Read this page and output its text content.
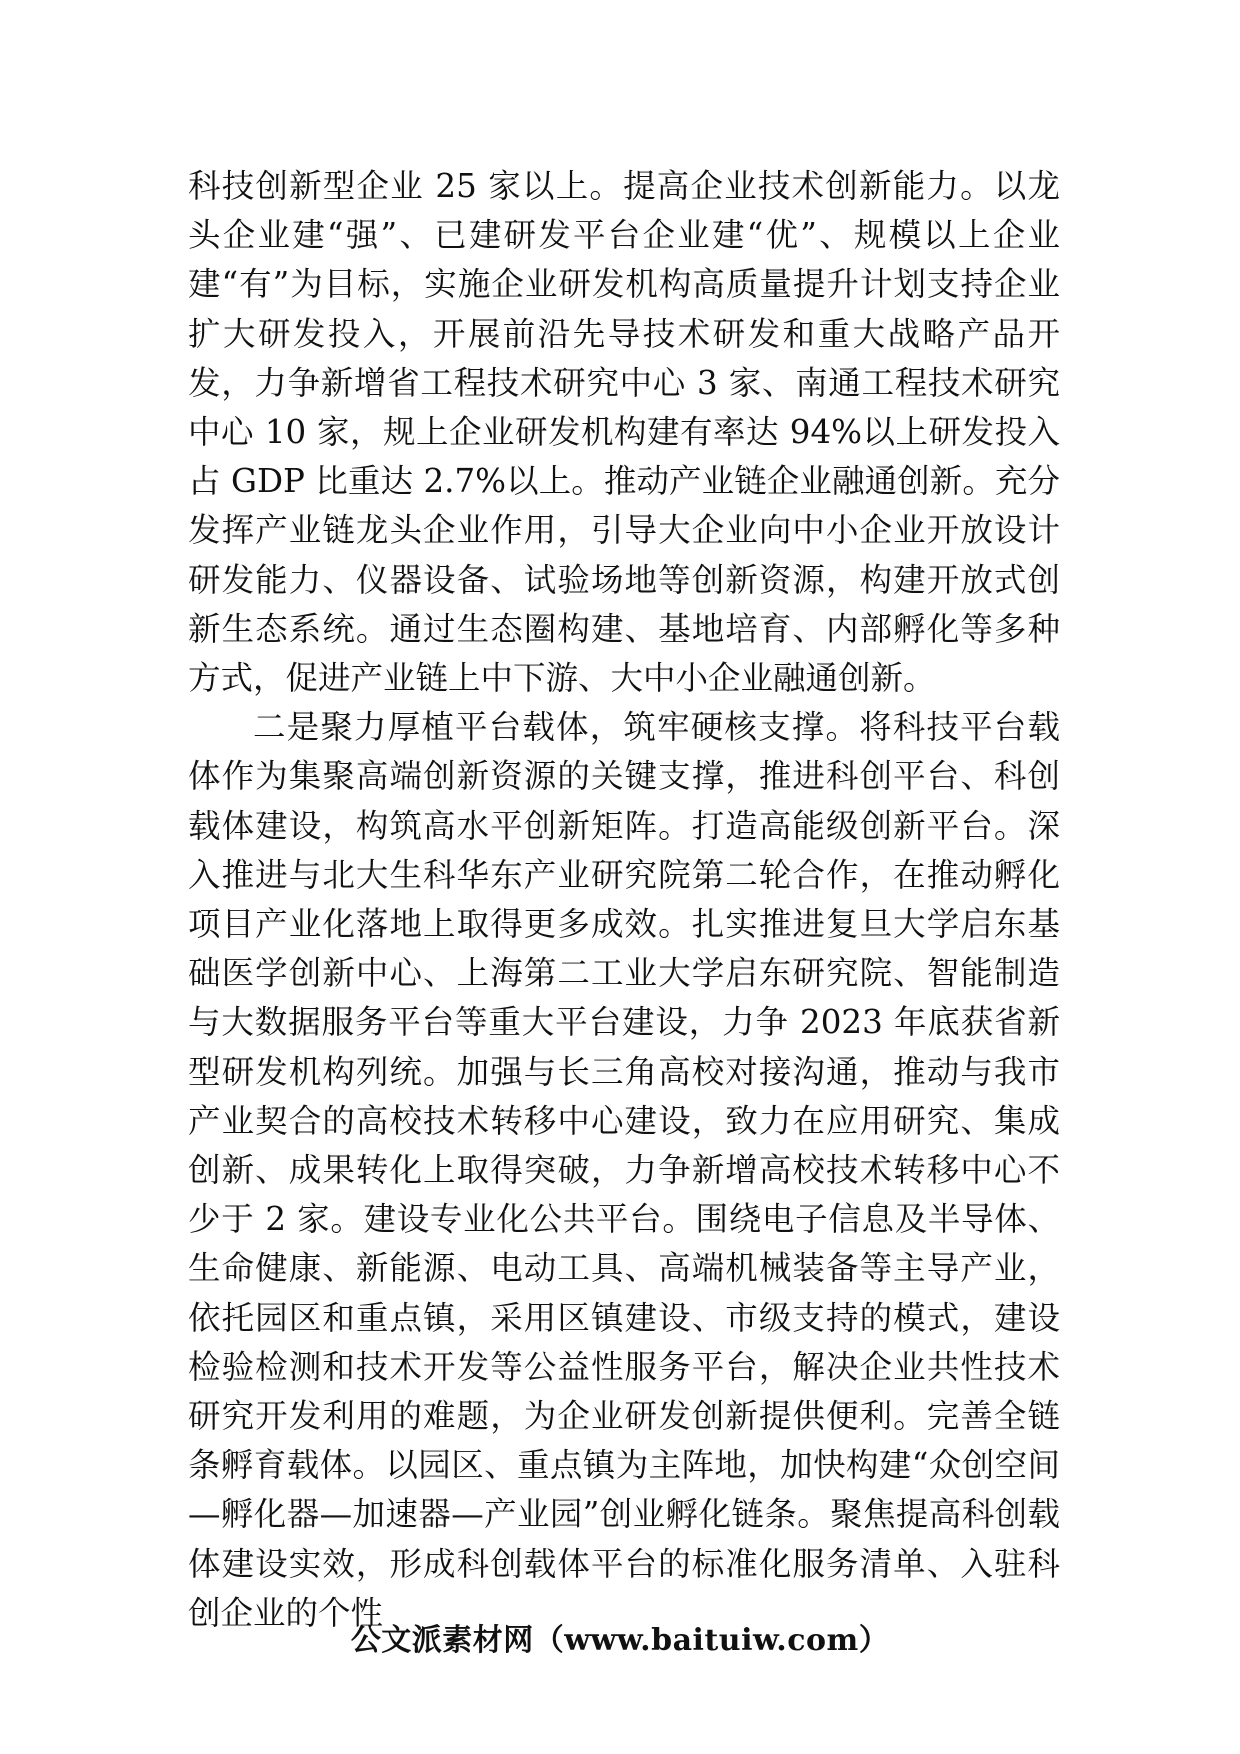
科技创新型企业 25 家以上。提高企业技术创新能力。以龙头企业建“强”、已建研发平台企业建“优”、规模以上企业建“有”为目标，实施企业研发机构高质量提升计划支持企业扩大研发投入，开展前沿先导技术研发和重大战略产品开发，力争新增省工程技术研究中心 3 家、南通工程技术研究中心 10 家，规上企业研发机构建有率达 94%以上研发投入占 GDP 比重达 2.7%以上。推动产业链企业融通创新。充分发挥产业链龙头企业作用，引导大企业向中小企业开放设计研发能力、仪器设备、试验场地等创新资源，构建开放式创新生态系统。通过生态圈构建、基地培育、内部孵化等多种方式，促进产业链上中下游、大中小企业融通创新。

二是聚力厚植平台载体，筑牢硬核支撑。将科技平台载体作为集聚高端创新资源的关键支撑，推进科创平台、科创载体建设，构筑高水平创新矩阵。打造高能级创新平台。深入推进与北大生科华东产业研究院第二轮合作，在推动孵化项目产业化落地上取得更多成效。扎实推进复旦大学启东基础医学创新中心、上海第二工业大学启东研究院、智能制造与大数据服务平台等重大平台建设，力争 2023 年底获省新型研发机构列统。加强与长三角高校对接沟通，推动与我市产业契合的高校技术转移中心建设，致力在应用研究、集成创新、成果转化上取得突破，力争新增高校技术转移中心不少于 2 家。建设专业化公共平台。围绕电子信息及半导体、生命健康、新能源、电动工具、高端机械装备等主导产业，依托园区和重点镇，采用区镇建设、市级支持的模式，建设检验检测和技术开发等公益性服务平台，解决企业共性技术研究开发利用的难题，为企业研发创新提供便利。完善全链条孵育载体。以园区、重点镇为主阵地，加快构建“众创空间—孵化器—加速器—产业园”创业孵化链条。聚焦提高科创载体建设实效，形成科创载体平台的标准化服务清单、入驻科创企业的个性

公文派素材网（www.baituiw.com）
